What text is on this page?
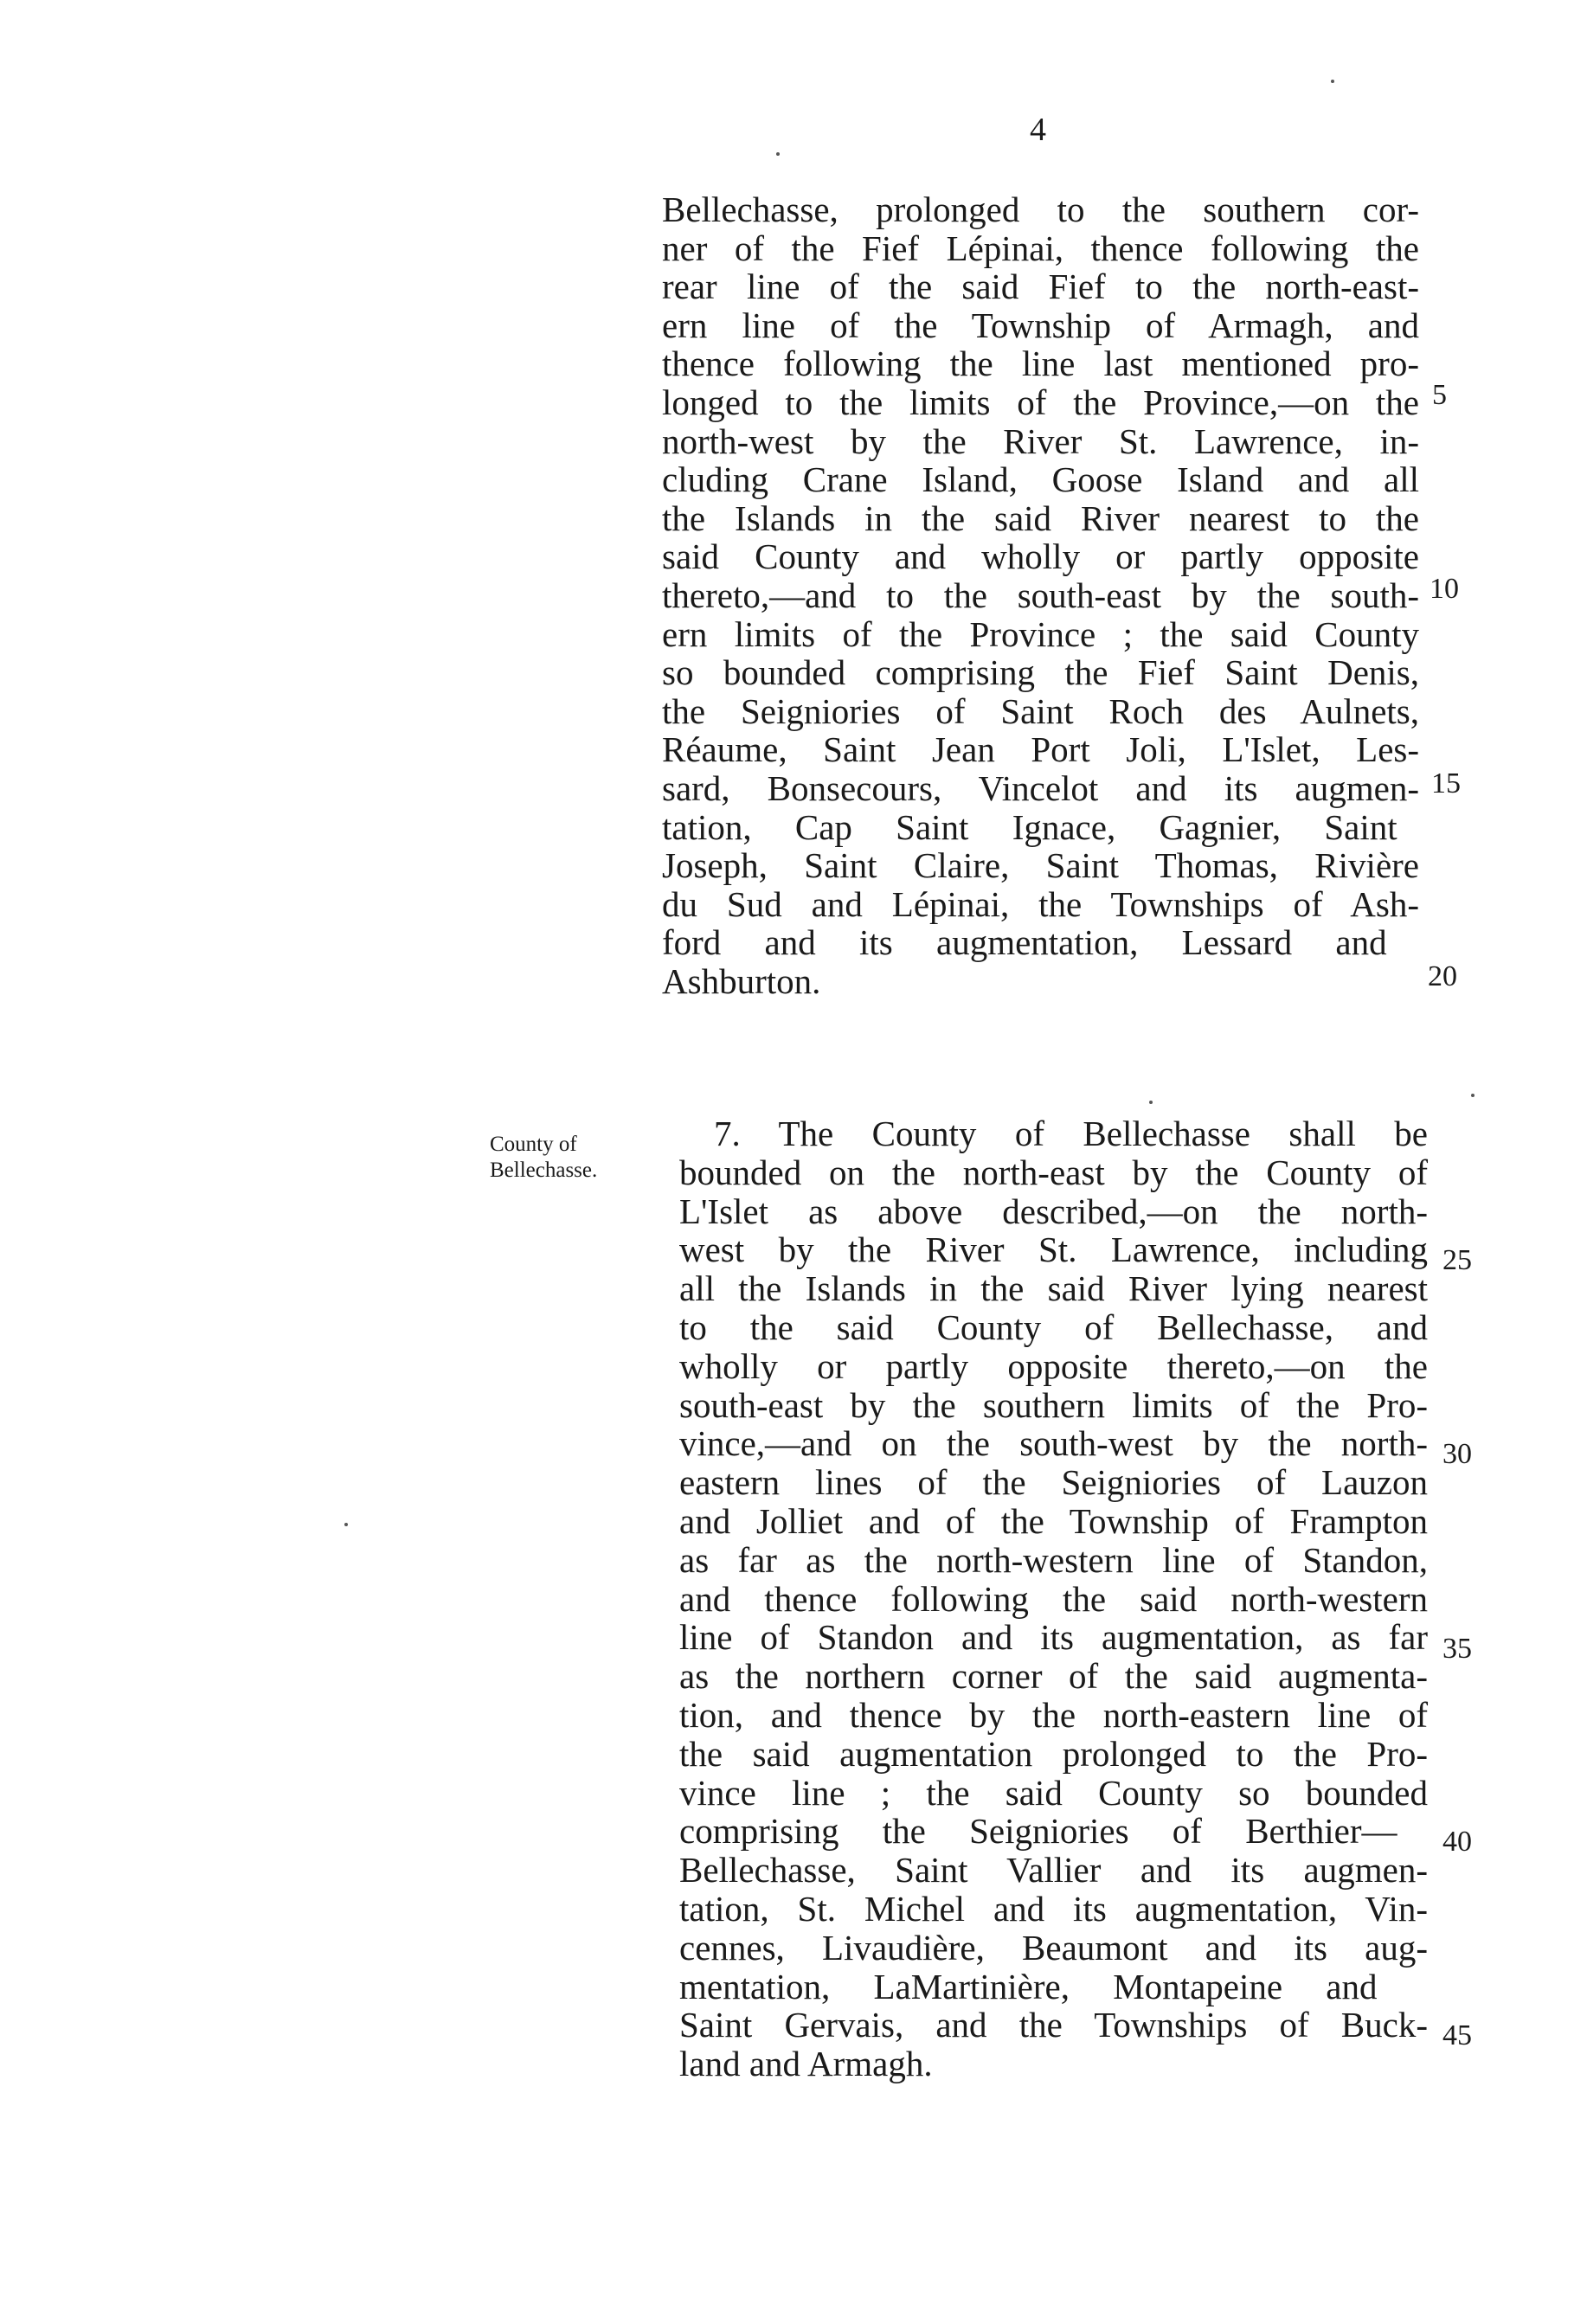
4
County of
Bellechasse.
Bellechasse, prolonged to the southern cor-
ner of the Fief Lépinai, thence following the
rear line of the said Fief to the north-east-
ern line of the Township of Armagh, and
thence following the line last mentioned pro-
longed to the limits of the Province,—on the
north-west by the River St. Lawrence, in-
cluding Crane Island, Goose Island and all
the Islands in the said River nearest to the
said County and wholly or partly opposite
thereto,—and to the south-east by the south-
ern limits of the Province ; the said County
so bounded comprising the Fief Saint Denis,
the Seigniories of Saint Roch des Aulnets,
Réaume, Saint Jean Port Joli, L'Islet, Les-
sard, Bonsecours, Vincelot and its augmen-
tation, Cap Saint Ignace, Gagnier, Saint
Joseph, Saint Claire, Saint Thomas, Rivière
du Sud and Lépinai, the Townships of Ash-
ford and its augmentation, Lessard and
Ashburton.
7. The County of Bellechasse shall be
bounded on the north-east by the County of
L'Islet as above described,—on the north-
west by the River St. Lawrence, including
all the Islands in the said River lying nearest
to the said County of Bellechasse, and
wholly or partly opposite thereto,—on the
south-east by the southern limits of the Pro-
vince,—and on the south-west by the north-
eastern lines of the Seigniories of Lauzon
and Jolliet and of the Township of Frampton
as far as the north-western line of Standon,
and thence following the said north-western
line of Standon and its augmentation, as far
as the northern corner of the said augmenta-
tion, and thence by the north-eastern line of
the said augmentation prolonged to the Pro-
vince line ; the said County so bounded
comprising the Seigniories of Berthier—
Bellechasse, Saint Vallier and its augmen-
tation, St. Michel and its augmentation, Vin-
cennes, Livaudière, Beaumont and its aug-
mentation, LaMartinière, Montapeine and
Saint Gervais, and the Townships of Buck-
land and Armagh.
5
10
15
20
25
30
35
40
45
